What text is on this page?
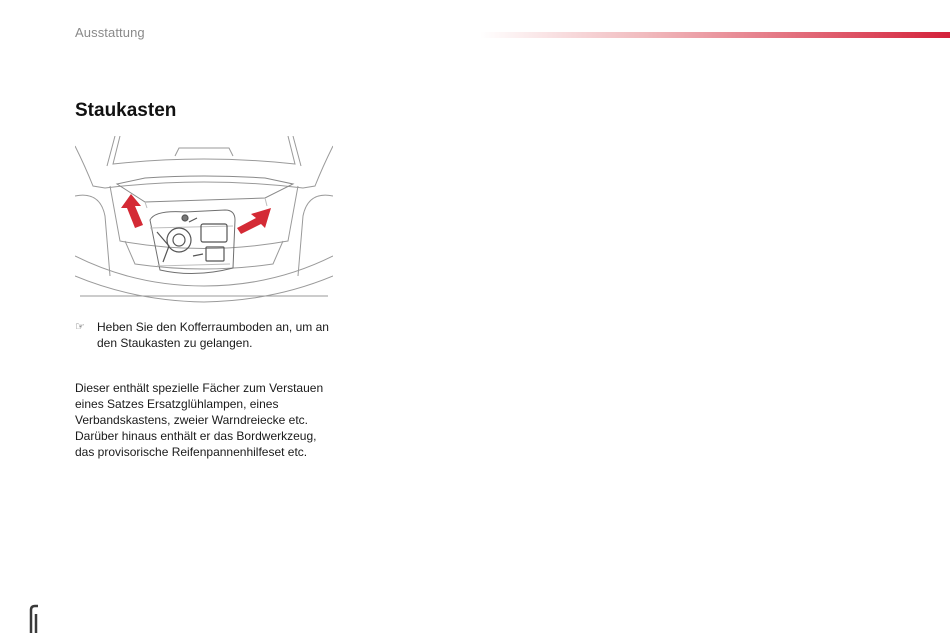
Ausstattung
Staukasten
☞	Heben Sie den Kofferraumboden an, um an den Staukasten zu gelangen.
Dieser enthält spezielle Fächer zum Verstauen eines Satzes Ersatzglühlampen, eines Verbandskastens, zweier Warndreiecke etc. Darüber hinaus enthält er das Bordwerkzeug, das provisorische Reifenpannenhilfeset etc.
